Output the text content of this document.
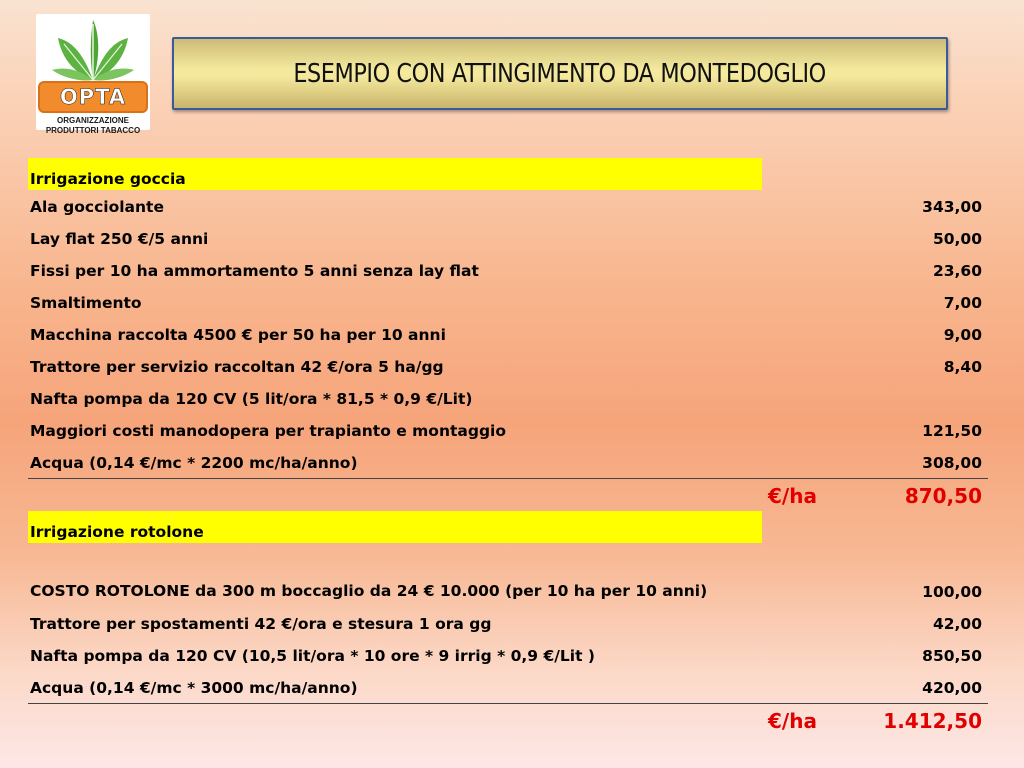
OPTA
ORGANIZZAZIONE
PRODUTTORI TABACCO
ESEMPIO CON ATTINGIMENTO DA MONTEDOGLIO
Irrigazione goccia
Ala gocciolante	343,00
Lay flat 250 €/5 anni	50,00
Fissi per 10 ha ammortamento 5 anni senza lay flat	23,60
Smaltimento	7,00
Macchina raccolta 4500 € per 50 ha per 10 anni	9,00
Trattore per servizio raccoltan 42 €/ora 5 ha/gg	8,40
Nafta pompa da 120 CV (5 lit/ora * 81,5 * 0,9 €/Lit)
Maggiori costi manodopera per trapianto e montaggio	121,50
Acqua (0,14 €/mc * 2200 mc/ha/anno)	308,00
€/ha	870,50
Irrigazione rotolone
COSTO ROTOLONE da 300 m boccaglio da 24 € 10.000 (per 10 ha per 10 anni)	100,00
Trattore per spostamenti 42 €/ora e stesura 1 ora gg	42,00
Nafta pompa da 120 CV (10,5 lit/ora * 10 ore * 9 irrig * 0,9 €/Lit )	850,50
Acqua (0,14 €/mc * 3000 mc/ha/anno)	420,00
€/ha	1.412,50
